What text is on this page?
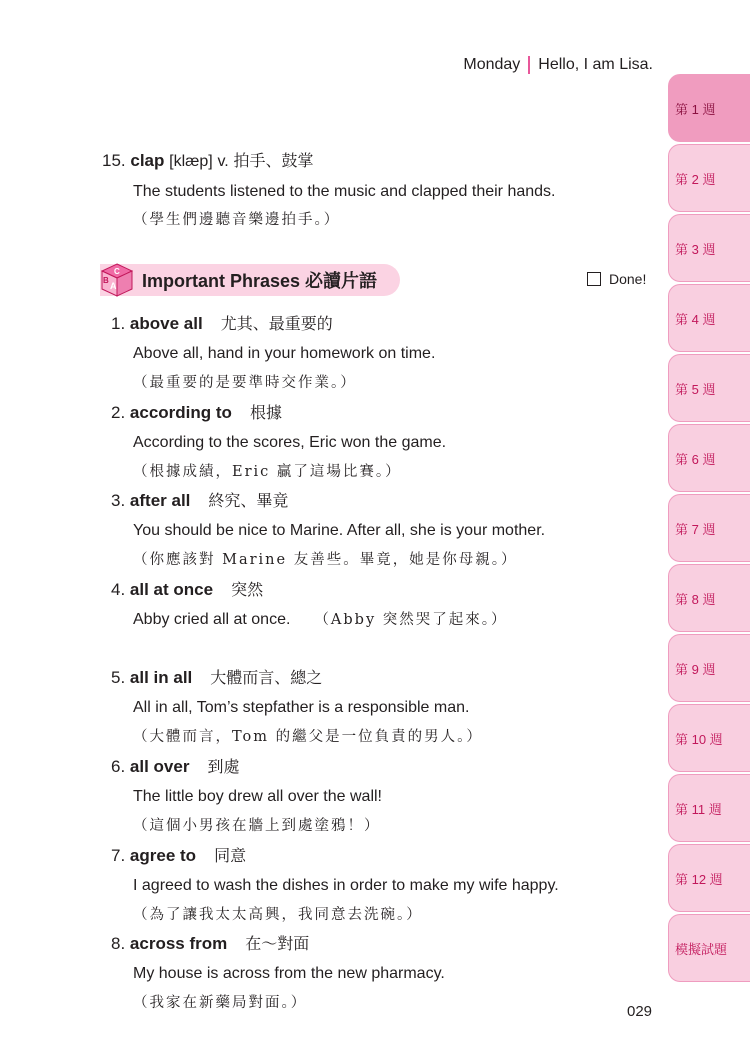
Monday Hello, I am Lisa.
15. clap [klæp] v. 拍手、鼓掌
The students listened to the music and clapped their hands.
（學生們邊聽音樂邊拍手。）
A
B
C Important Phrases 必讀片語	Done!
1. above all 尤其、最重要的
Above all, hand in your homework on time.
（最重要的是要準時交作業。）
2. according to 根據
According to the scores, Eric won the game.
（根據成績，Eric 贏了這場比賽。）
3. after all 終究、畢竟
You should be nice to Marine. After all, she is your mother.
（你應該對 Marine 友善些。畢竟，她是你母親。）
4. all at once 突然
Abby cried all at once. （Abby 突然哭了起來。）
5. all in all 大體而言、總之
All in all, Tom’s stepfather is a responsible man.
（大體而言，Tom 的繼父是一位負責的男人。）
6. all over 到處
The little boy drew all over the wall!
（這個小男孩在牆上到處塗鴉！）
7. agree to 同意
I agreed to wash the dishes in order to make my wife happy.
（為了讓我太太高興，我同意去洗碗。）
8. across from 在～對面
My house is across from the new pharmacy.
（我家在新藥局對面。）
第 1 週
第 2 週
第 3 週
第 4 週
第 5 週
第 6 週
第 7 週
第 8 週
第 9 週
第 10 週
第 11 週
第 12 週
模擬試題
029
